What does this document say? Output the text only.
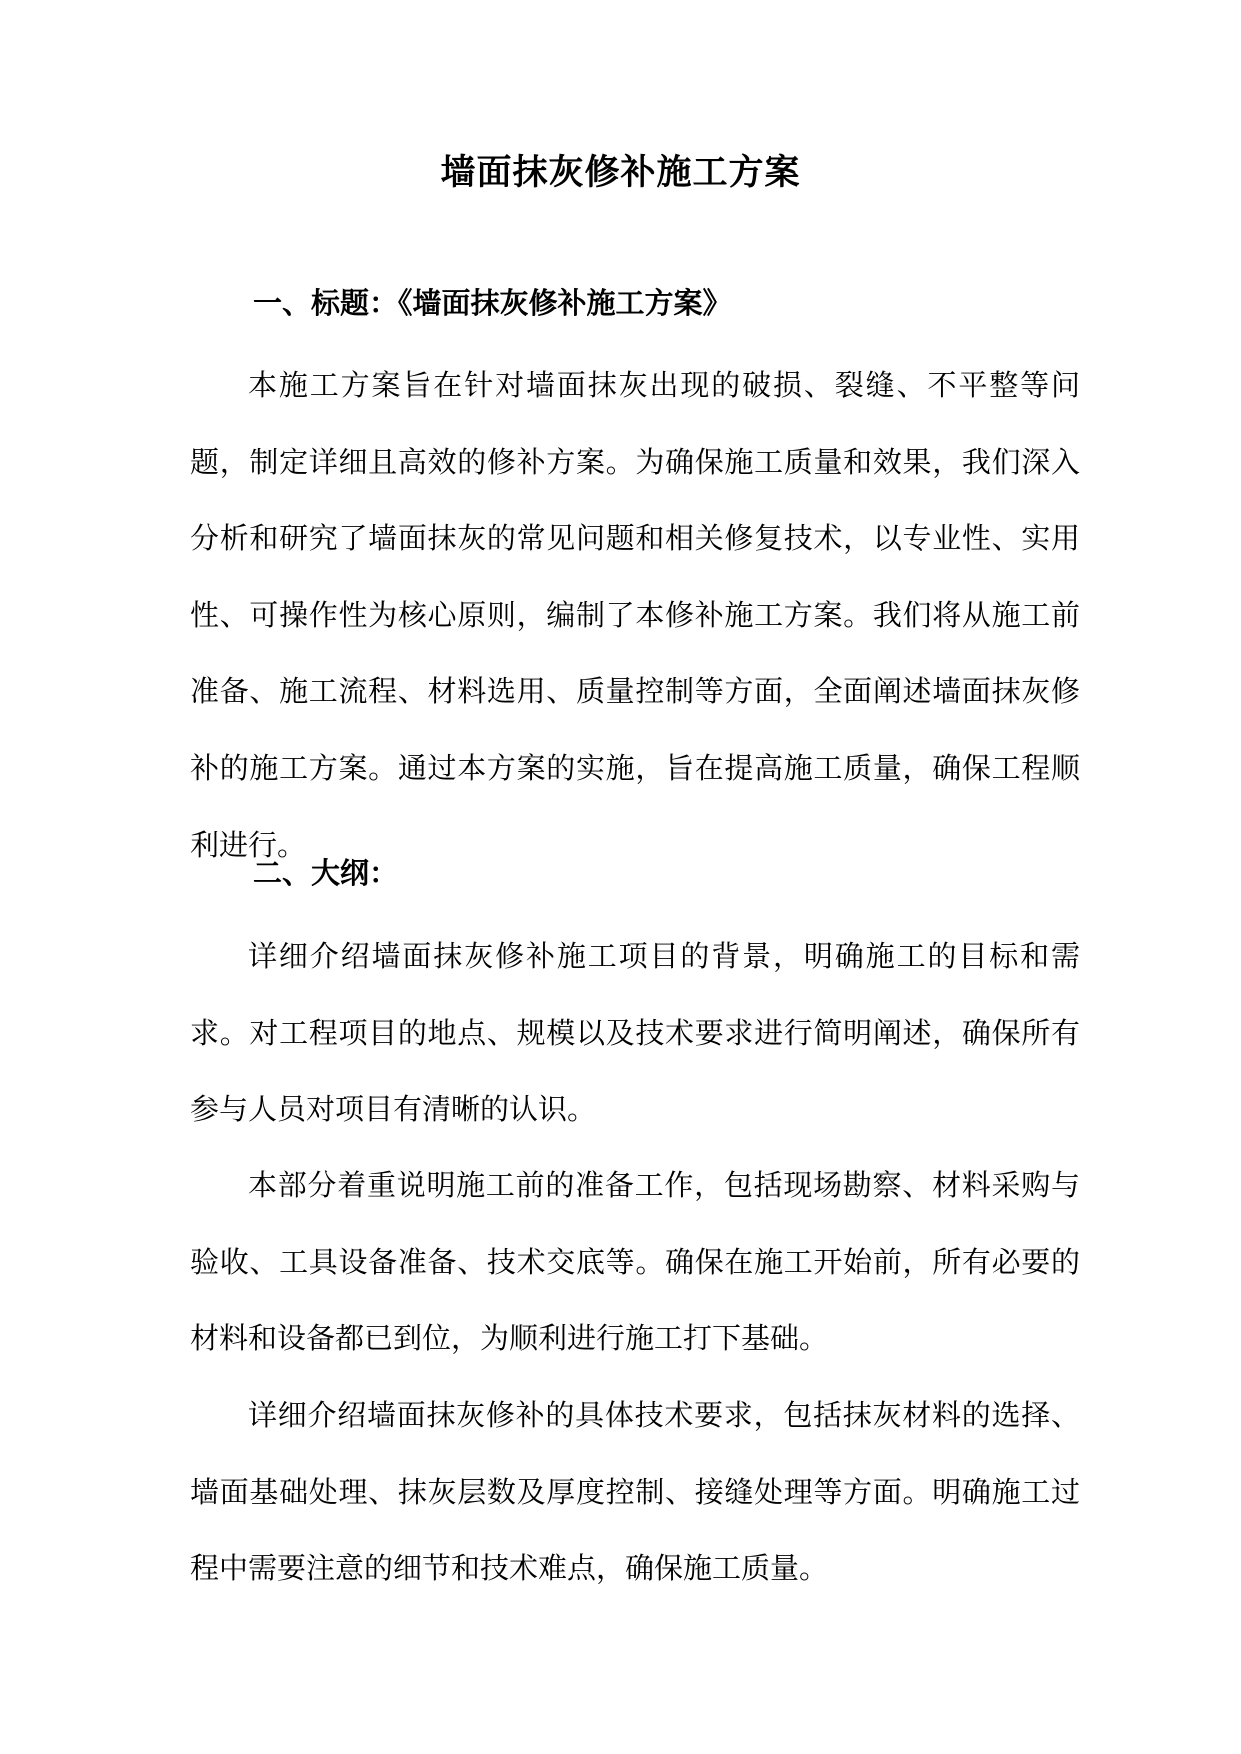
墙面抹灰修补施工方案
一、标题：《墙面抹灰修补施工方案》
本施工方案旨在针对墙面抹灰出现的破损、裂缝、不平整等问题，制定详细且高效的修补方案。为确保施工质量和效果，我们深入分析和研究了墙面抹灰的常见问题和相关修复技术，以专业性、实用性、可操作性为核心原则，编制了本修补施工方案。我们将从施工前准备、施工流程、材料选用、质量控制等方面，全面阐述墙面抹灰修补的施工方案。通过本方案的实施，旨在提高施工质量，确保工程顺利进行。
二、大纲：
详细介绍墙面抹灰修补施工项目的背景，明确施工的目标和需求。对工程项目的地点、规模以及技术要求进行简明阐述，确保所有参与人员对项目有清晰的认识。
本部分着重说明施工前的准备工作，包括现场勘察、材料采购与验收、工具设备准备、技术交底等。确保在施工开始前，所有必要的材料和设备都已到位，为顺利进行施工打下基础。
详细介绍墙面抹灰修补的具体技术要求，包括抹灰材料的选择、墙面基础处理、抹灰层数及厚度控制、接缝处理等方面。明确施工过程中需要注意的细节和技术难点，确保施工质量。
